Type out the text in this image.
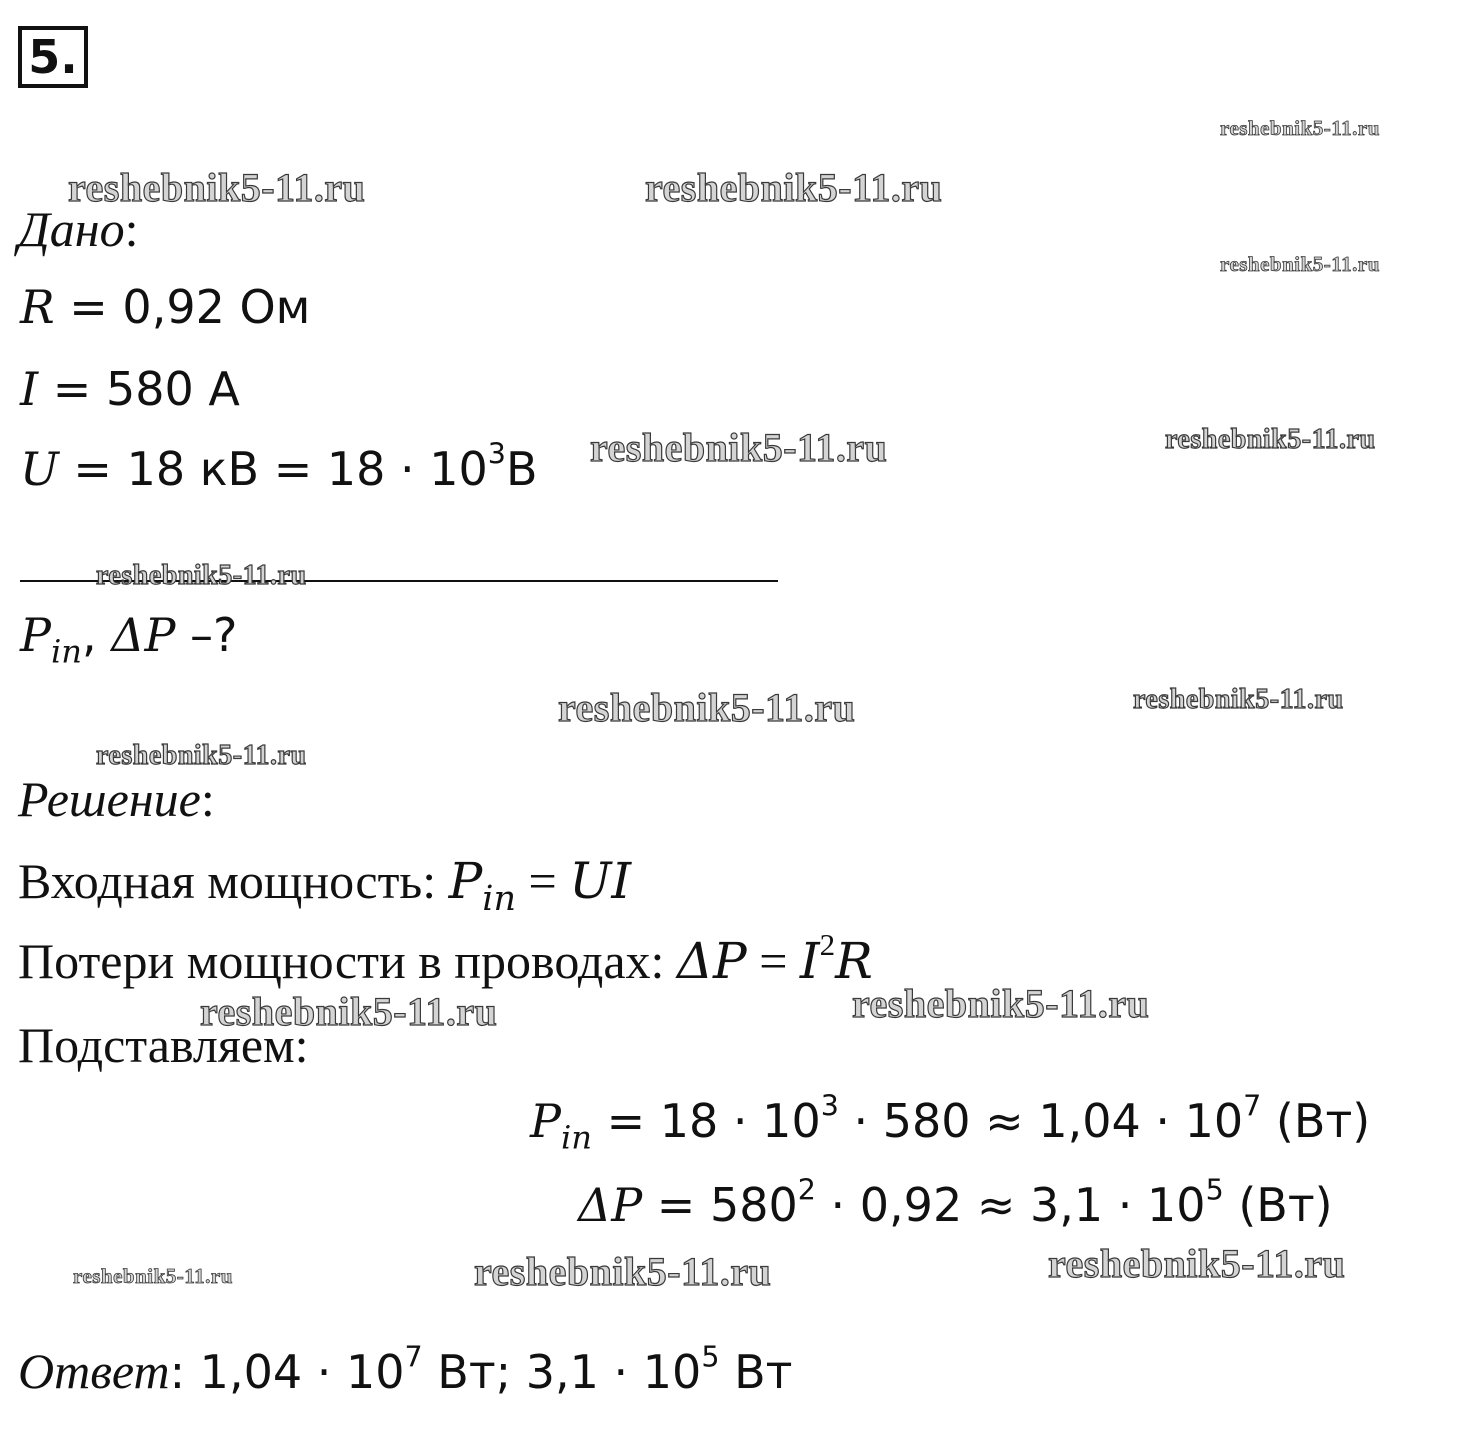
5.
Дано:
R = 0,92 Ом
I = 580 А
U = 18 кВ = $18 \cdot 10^3В$
$P_{in}$, ΔP –?
Решение:
Входная мощность: $P_{in}$ = UI
Потери мощности в проводах: $\Delta P = I^2R$
Подставляем:
$P_{in} = 18 \cdot 10^3 \cdot 580 \approx 1,04 \cdot 10^7$ (Вт)
$\Delta P = 580^2 \cdot 0,92 \approx 3,1 \cdot 10^5$ (Вт)
Ответ: $1,04 \cdot 10^7$ Вт; $3,1 \cdot 10^5$ Вт
reshebnik5-11.ru
reshebnik5-11.ru	reshebnik5-11.ru
reshebnik5-11.ru
reshebnik5-11.ru	reshebnik5-11.ru
reshebnik5-11.ru
reshebnik5-11.ru	reshebnik5-11.ru
reshebnik5-11.ru
reshebnik5-11.ru	reshebnik5-11.ru
reshebnik5-11.ru	reshebnik5-11.ru	reshebnik5-11.ru
